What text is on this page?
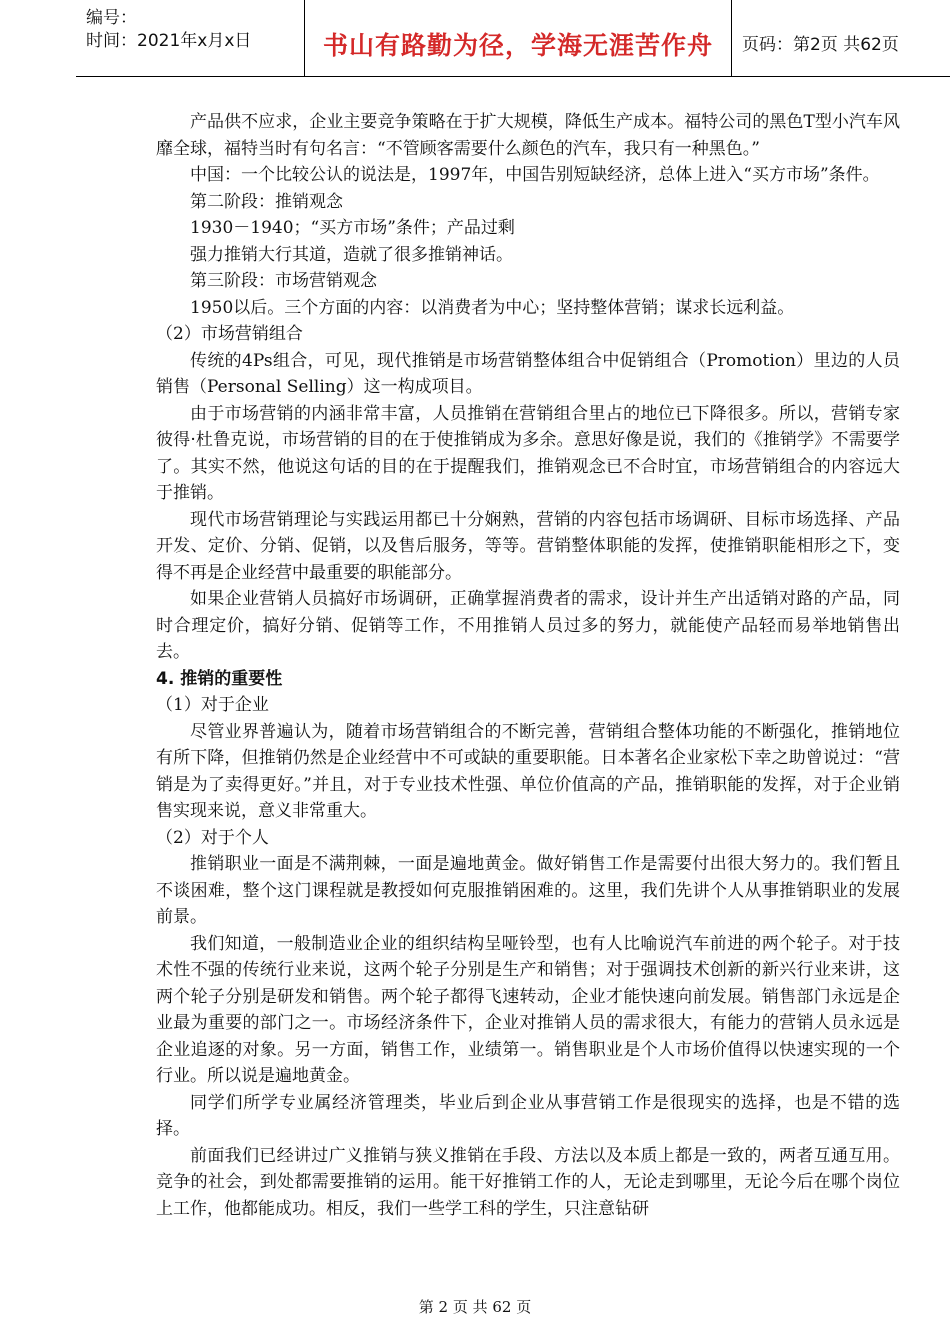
编号：
时间：2021年x月x日	书山有路勤为径，学海无涯苦作舟	页码：第2页 共62页

产品供不应求，企业主要竞争策略在于扩大规模，降低生产成本。福特公司的黑色T型小汽车风靡全球，福特当时有句名言：“不管顾客需要什么颜色的汽车，我只有一种黑色。”

中国：一个比较公认的说法是，1997年，中国告别短缺经济，总体上进入“买方市场”条件。

第二阶段：推销观念

1930－1940；“买方市场”条件；产品过剩

强力推销大行其道，造就了很多推销神话。

第三阶段：市场营销观念

1950以后。三个方面的内容：以消费者为中心；坚持整体营销；谋求长远利益。

（2）市场营销组合

传统的4Ps组合，可见，现代推销是市场营销整体组合中促销组合（Promotion）里边的人员销售（Personal Selling）这一构成项目。

由于市场营销的内涵非常丰富，人员推销在营销组合里占的地位已下降很多。所以，营销专家彼得·杜鲁克说，市场营销的目的在于使推销成为多余。意思好像是说，我们的《推销学》不需要学了。其实不然，他说这句话的目的在于提醒我们，推销观念已不合时宜，市场营销组合的内容远大于推销。

现代市场营销理论与实践运用都已十分娴熟，营销的内容包括市场调研、目标市场选择、产品开发、定价、分销、促销，以及售后服务，等等。营销整体职能的发挥，使推销职能相形之下，变得不再是企业经营中最重要的职能部分。

如果企业营销人员搞好市场调研，正确掌握消费者的需求，设计并生产出适销对路的产品，同时合理定价，搞好分销、促销等工作，不用推销人员过多的努力，就能使产品轻而易举地销售出去。

4. 推销的重要性

（1）对于企业

尽管业界普遍认为，随着市场营销组合的不断完善，营销组合整体功能的不断强化，推销地位有所下降，但推销仍然是企业经营中不可或缺的重要职能。日本著名企业家松下幸之助曾说过：“营销是为了卖得更好。”并且，对于专业技术性强、单位价值高的产品，推销职能的发挥，对于企业销售实现来说，意义非常重大。

（2）对于个人

推销职业一面是不满荆棘，一面是遍地黄金。做好销售工作是需要付出很大努力的。我们暂且不谈困难，整个这门课程就是教授如何克服推销困难的。这里，我们先讲个人从事推销职业的发展前景。

我们知道，一般制造业企业的组织结构呈哑铃型，也有人比喻说汽车前进的两个轮子。对于技术性不强的传统行业来说，这两个轮子分别是生产和销售；对于强调技术创新的新兴行业来讲，这两个轮子分别是研发和销售。两个轮子都得飞速转动，企业才能快速向前发展。销售部门永远是企业最为重要的部门之一。市场经济条件下，企业对推销人员的需求很大，有能力的营销人员永远是企业追逐的对象。另一方面，销售工作，业绩第一。销售职业是个人市场价值得以快速实现的一个行业。所以说是遍地黄金。

同学们所学专业属经济管理类，毕业后到企业从事营销工作是很现实的选择，也是不错的选择。

前面我们已经讲过广义推销与狭义推销在手段、方法以及本质上都是一致的，两者互通互用。竞争的社会，到处都需要推销的运用。能干好推销工作的人，无论走到哪里，无论今后在哪个岗位上工作，他都能成功。相反，我们一些学工科的学生，只注意钻研

第 2 页 共 62 页
